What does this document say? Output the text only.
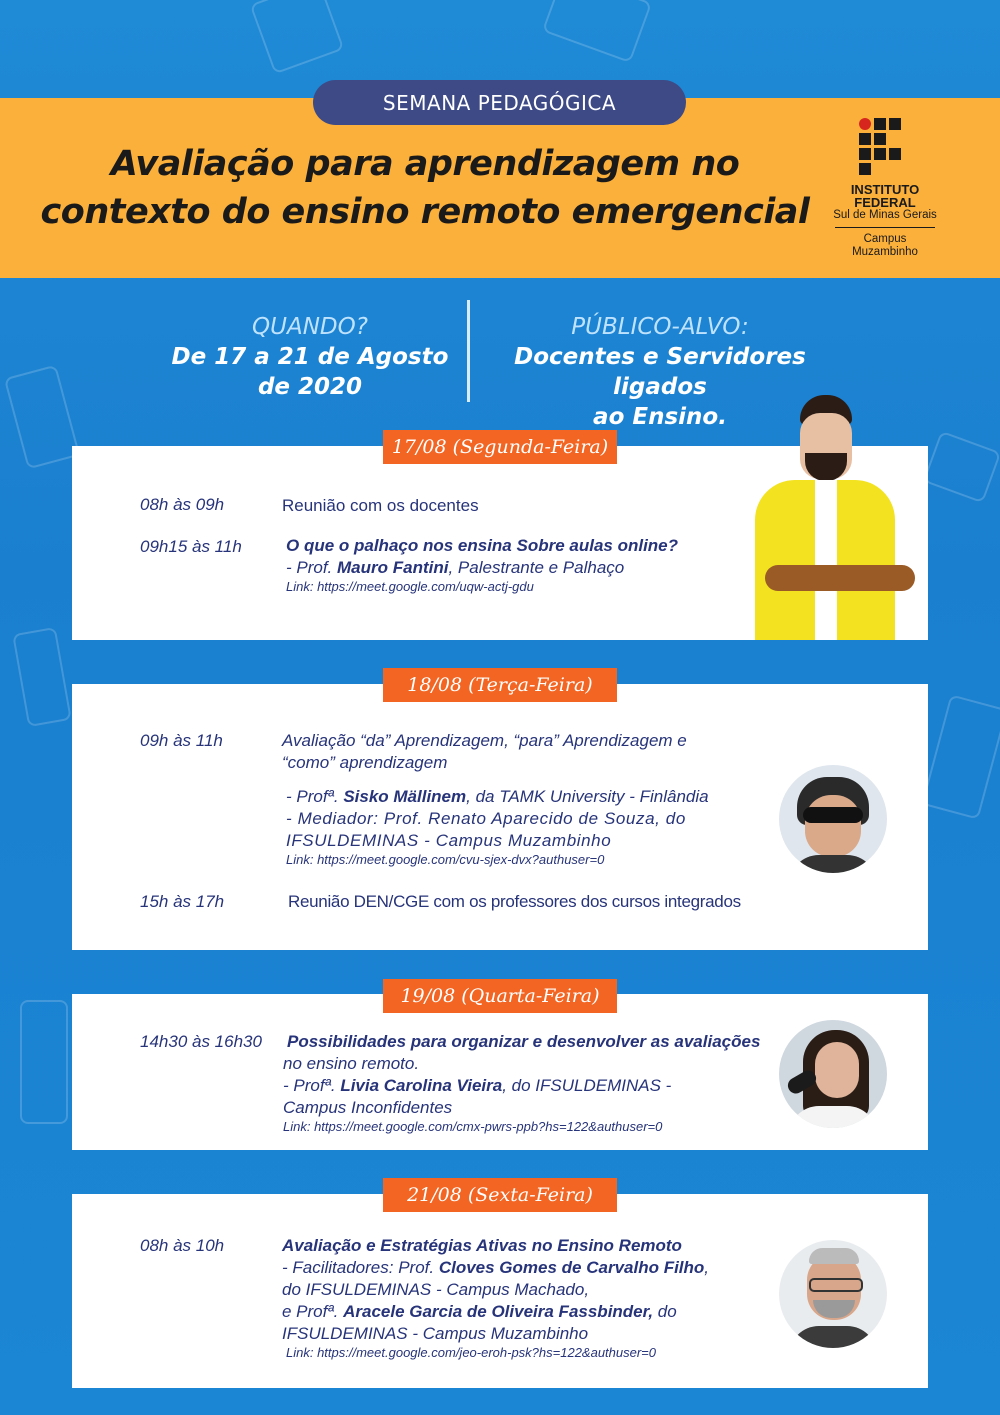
SEMANA PEDAGÓGICA
Avaliação para aprendizagem no
contexto do ensino remoto emergencial
INSTITUTO
FEDERAL
Sul de Minas Gerais
Campus
Muzambinho
QUANDO?
De 17 a 21 de Agosto
de 2020
PÚBLICO-ALVO:
Docentes e Servidores ligados
ao Ensino.
17/08 (Segunda-Feira)
08h às 09h	Reunião com os docentes
09h15 às 11h	O que o palhaço nos ensina Sobre aulas online?
- Prof. Mauro Fantini, Palestrante e Palhaço
Link: https://meet.google.com/uqw-actj-gdu
18/08 (Terça-Feira)
09h às 11h	Avaliação “da” Aprendizagem, “para” Aprendizagem e
“como” aprendizagem
- Profª. Sisko Mällinem, da TAMK University - Finlândia
- Mediador: Prof. Renato Aparecido de Souza, do
IFSULDEMINAS - Campus Muzambinho
Link: https://meet.google.com/cvu-sjex-dvx?authuser=0
15h às 17h	Reunião DEN/CGE com os professores dos cursos integrados
19/08 (Quarta-Feira)
14h30 às 16h30 Possibilidades para organizar e desenvolver as avaliações
no ensino remoto.
- Profª. Livia Carolina Vieira, do IFSULDEMINAS -
Campus Inconfidentes
Link: https://meet.google.com/cmx-pwrs-ppb?hs=122&authuser=0
21/08 (Sexta-Feira)
08h às 10h	Avaliação e Estratégias Ativas no Ensino Remoto
- Facilitadores: Prof. Cloves Gomes de Carvalho Filho,
do IFSULDEMINAS - Campus Machado,
e Profª. Aracele Garcia de Oliveira Fassbinder, do
IFSULDEMINAS - Campus Muzambinho
Link: https://meet.google.com/jeo-eroh-psk?hs=122&authuser=0
